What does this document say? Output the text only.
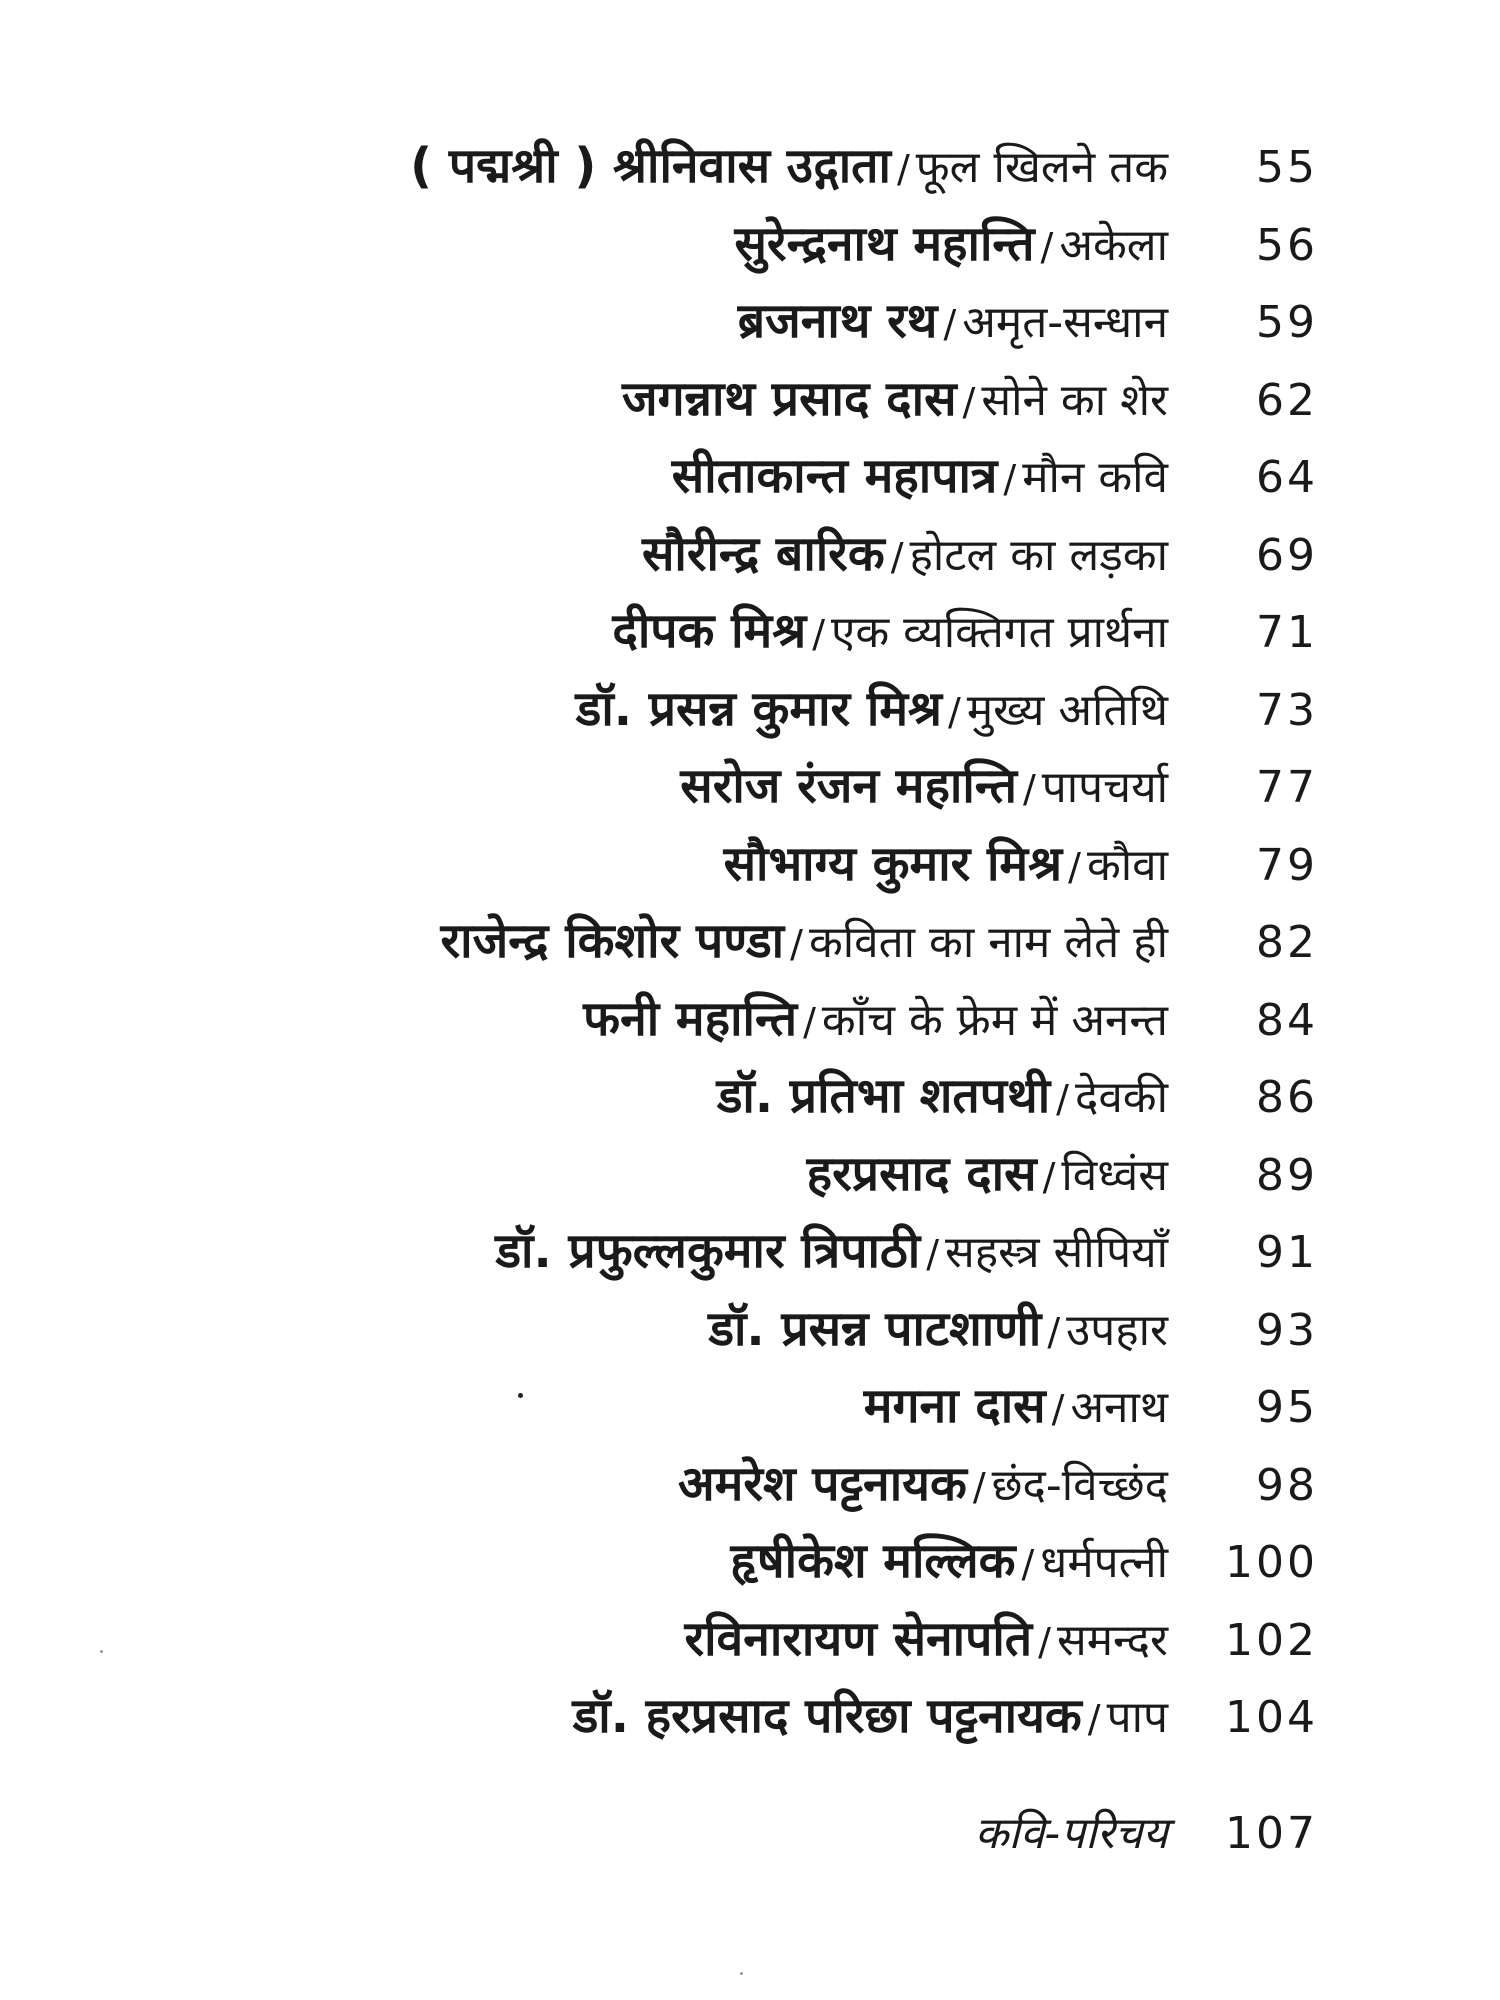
( पद्मश्री ) श्रीनिवास उद्गाता / फूल खिलने तक	55
सुरेन्द्रनाथ महान्ति / अकेला	56
ब्रजनाथ रथ / अमृत-सन्धान	59
जगन्नाथ प्रसाद दास / सोने का शेर	62
सीताकान्त महापात्र / मौन कवि	64
सौरीन्द्र बारिक / होटल का लड़का	69
दीपक मिश्र / एक व्यक्तिगत प्रार्थना	71
डॉ. प्रसन्न कुमार मिश्र / मुख्य अतिथि	73
सरोज रंजन महान्ति / पापचर्या	77
सौभाग्य कुमार मिश्र / कौवा	79
राजेन्द्र किशोर पण्डा / कविता का नाम लेते ही	82
फनी महान्ति / काँच के फ्रेम में अनन्त	84
डॉ. प्रतिभा शतपथी / देवकी	86
हरप्रसाद दास / विध्वंस	89
डॉ. प्रफुल्लकुमार त्रिपाठी / सहस्त्र सीपियाँ	91
डॉ. प्रसन्न पाटशाणी / उपहार	93
मगना दास / अनाथ	95
अमरेश पट्टनायक / छंद-विच्छंद	98
हृषीकेश मल्लिक / धर्मपत्नी	100
रविनारायण सेनापति / समन्दर	102
डॉ. हरप्रसाद परिछा पट्टनायक / पाप	104
कवि-परिचय	107
